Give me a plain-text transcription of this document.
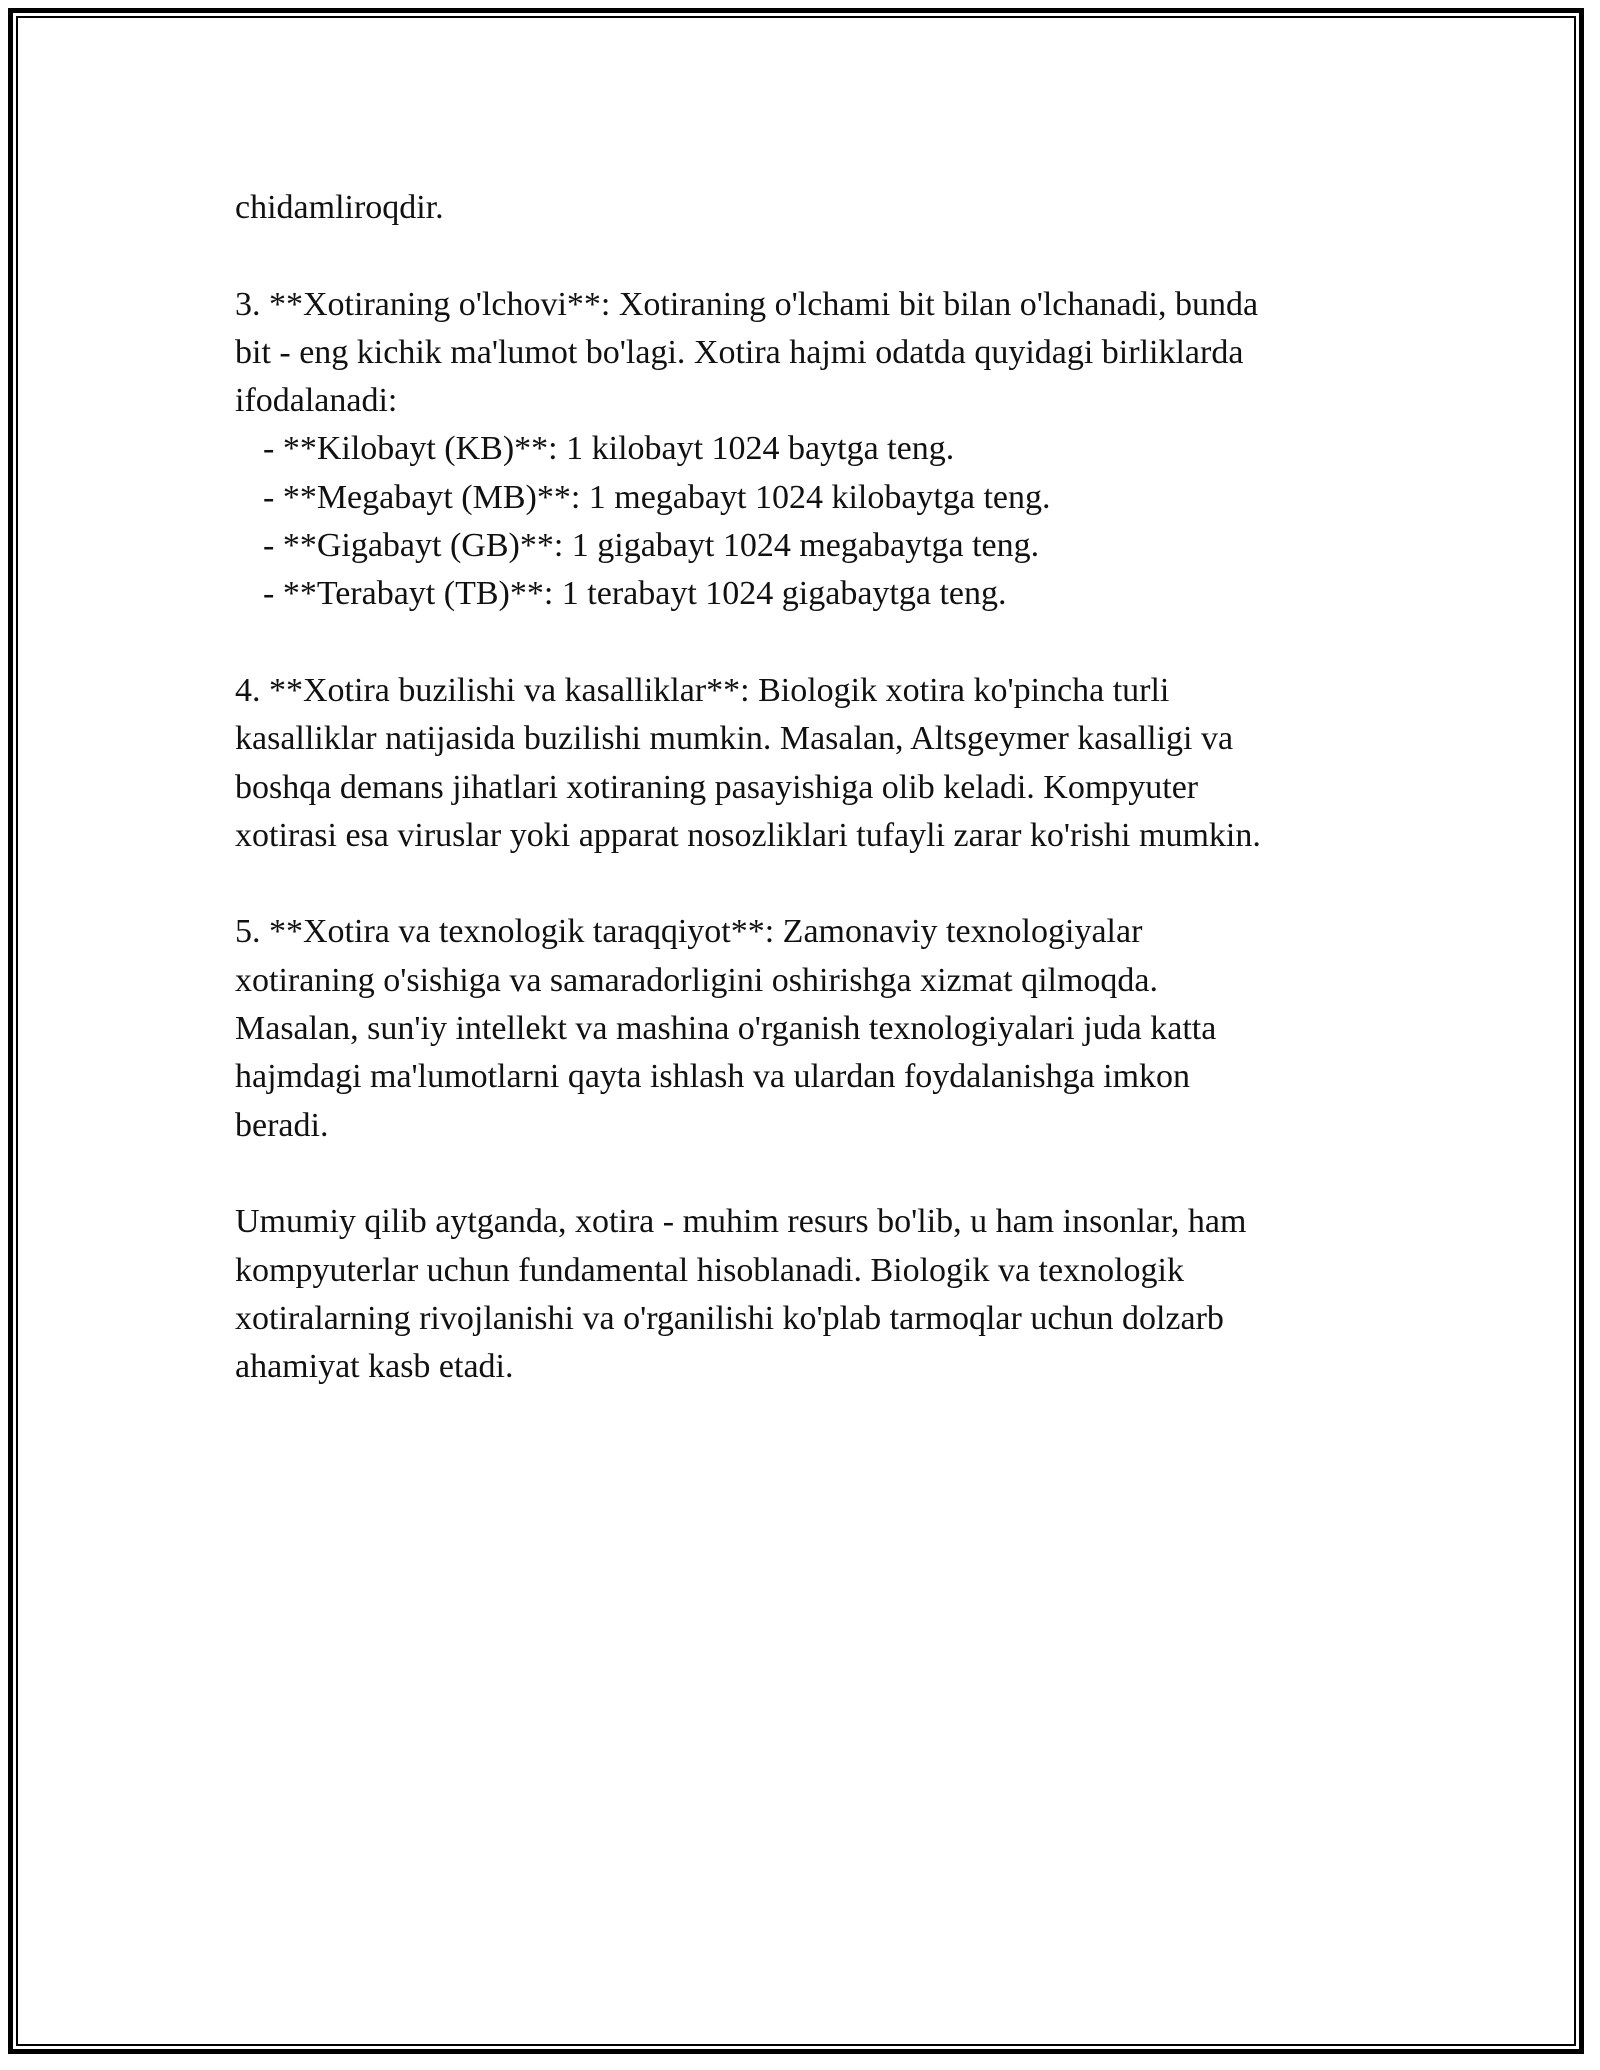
chidamliroqdir.
3. **Xotiraning o'lchovi**: Xotiraning o'lchami bit bilan o'lchanadi, bunda
bit - eng kichik ma'lumot bo'lagi. Xotira hajmi odatda quyidagi birliklarda
ifodalanadi:
- **Kilobayt (KB)**: 1 kilobayt 1024 baytga teng.
- **Megabayt (MB)**: 1 megabayt 1024 kilobaytga teng.
- **Gigabayt (GB)**: 1 gigabayt 1024 megabaytga teng.
- **Terabayt (TB)**: 1 terabayt 1024 gigabaytga teng.
4. **Xotira buzilishi va kasalliklar**: Biologik xotira ko'pincha turli
kasalliklar natijasida buzilishi mumkin. Masalan, Altsgeymer kasalligi va
boshqa demans jihatlari xotiraning pasayishiga olib keladi. Kompyuter
xotirasi esa viruslar yoki apparat nosozliklari tufayli zarar ko'rishi mumkin.
5. **Xotira va texnologik taraqqiyot**: Zamonaviy texnologiyalar
xotiraning o'sishiga va samaradorligini oshirishga xizmat qilmoqda.
Masalan, sun'iy intellekt va mashina o'rganish texnologiyalari juda katta
hajmdagi ma'lumotlarni qayta ishlash va ulardan foydalanishga imkon
beradi.
Umumiy qilib aytganda, xotira - muhim resurs bo'lib, u ham insonlar, ham
kompyuterlar uchun fundamental hisoblanadi. Biologik va texnologik
xotiralarning rivojlanishi va o'rganilishi ko'plab tarmoqlar uchun dolzarb
ahamiyat kasb etadi.
